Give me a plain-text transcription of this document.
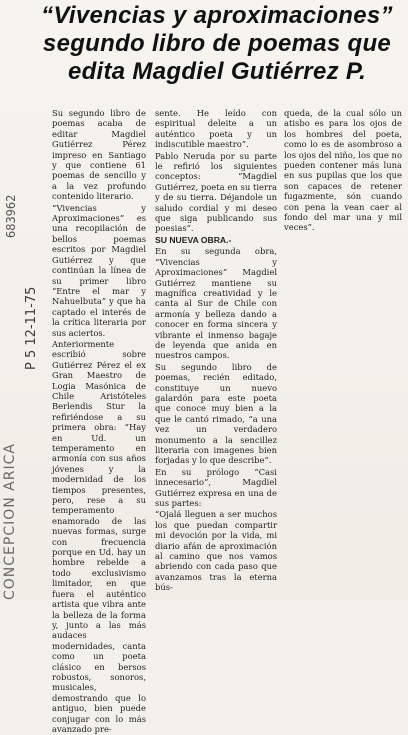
“Vivencias y aproximaciones”
segundo libro de poemas que
edita Magdiel Gutiérrez P.
683962
P 5 12-11-75
CONCEPCION ARICA

Su segundo libro de poemas acaba de editar Magdiel Gutiérrez Pérez impreso en Santiago y que contiene 61 poemas de sencillo y a la vez profundo contenido literario.

“Vivencias y Aproximaciones” es una recopilación de bellos poemas escritos por Magdiel Gutiérrez y que continúan la línea de su primer libro “Entre el mar y Nahuelbuta” y que ha captado el interés de la crítica literaria por sus aciertos.

Anteriormente escribió sobre Gutiérrez Pérez el ex Gran Maestro de Logia Masónica de Chile Aristóteles Berlendis Stur la refiriéndose a su primera obra: “Hay en Ud. un temperamento en armonía con sus años jóvenes y la modernidad de los tiempos presentes, pero, rese a su temperamento enamorado de las nuevas formas, surge con frecuencia porque en Ud. hay un hombre rebelde a todo exclusivismo limitador, en que fuera el auténtico artista que vibra ante la belleza de la forma y, junto a las más audaces modernidades, canta como un poeta clásico en bersos robustos, sonoros, musicales, demostrando que lo antiguo, bien puede conjugar con lo más avanzado pre-

sente. He leído con espiritual deleite a un auténtico poeta y un indiscutible maestro”.

Pablo Neruda por su parte le refirió los siguientes conceptos: “Magdiel Gutiérrez, poeta en su tierra y de su tierra. Déjandole un saludo cordial y mi deseo que siga publicando sus poesias”.

SU NUEVA OBRA.-

En su segunda obra, “Vivencias y Aproximaciones” Magdiel Gutiérrez mantiene su magnífica creatividad y le canta al Sur de Chile con armonía y belleza dando a conocer en forma sincera y vibrante el inmenso bagaje de leyenda que anida en nuestros campos.

Su segundo libro de poemas, recién editado, constituye un nuevo galardón para este poeta que conoce muy bien a la que le cantó rimado, “a una vez un verdadero monumento a la sencillez literaria con imagenes bien forjadas y lo que describe”.

En su prólogo “Casi innecesario”, Magdiel Gutiérrez expresa en una de sus partes:

“Ojalá lleguen a ser muchos los que puedan compartir mi devoción por la vida, mi diario afán de aproximación al camino que nos vamos abriendo con cada paso que avanzamos tras la eterna bús-

queda, de la cual sólo un atisbo es para los ojos de los hombres del poeta, como lo es de asombroso a los ojos del niño, los que no pueden contener más luna en sus pupilas que los que son capaces de retener fugazmente, són cuando con pena la vean caer al fondo del mar una y mil veces”.
